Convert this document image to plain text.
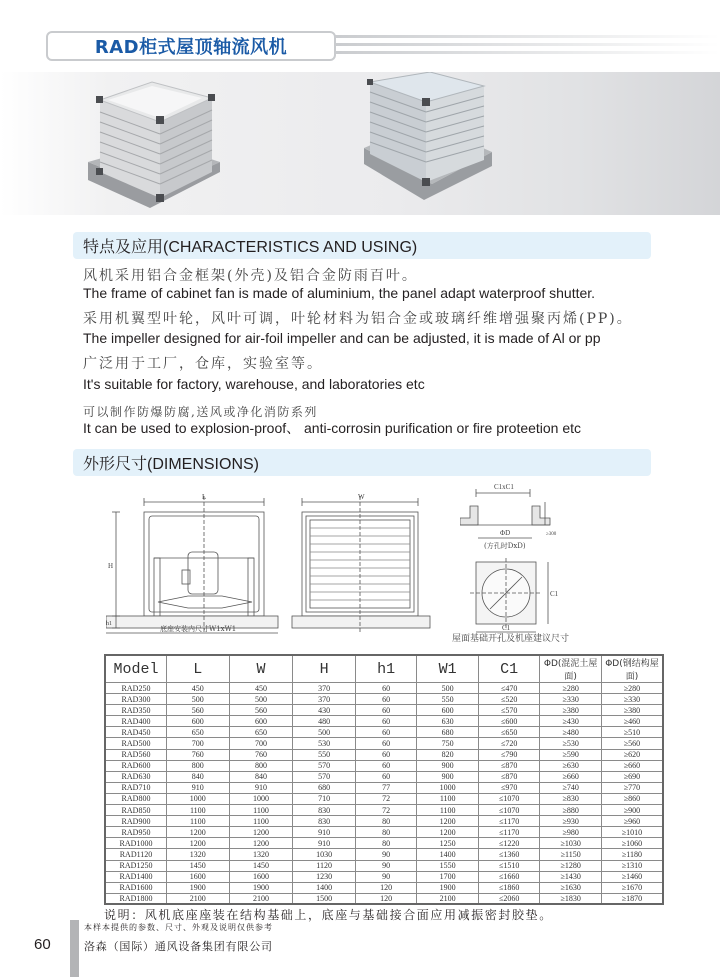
RAD柜式屋顶轴流风机
特点及应用(CHARACTERISTICS AND USING)
风机采用铝合金框架(外壳)及铝合金防雨百叶。
The frame of cabinet fan is made of aluminium, the panel adapt waterproof shutter.
采用机翼型叶轮，风叶可调，叶轮材料为铝合金或玻璃纤维增强聚丙烯(PP)。
The impeller designed for air-foil impeller and can be adjusted, it is made of Al or pp
广泛用于工厂，仓库，实验室等。
It's suitable for factory, warehouse, and laboratories etc
可以制作防爆防腐,送风或净化消防系列
It can be used to explosion-proof、 anti-corrosin purification or fire proteetion etc
外形尺寸(DIMENSIONS)
L
H
h1
底座安装内尺寸W1xW1
W
C1xC1
ΦD
(方孔时DxD)
≥300
C1
C1
屋面基础开孔及机座建议尺寸
Model	L	W	H	h1	W1	C1	ΦD(混泥土屋面)	ΦD(钢结构屋面)
RAD250	450	450	370	60	500	≤470	≥280	≥280
RAD300	500	500	370	60	550	≤520	≥330	≥330
RAD350	560	560	430	60	600	≤570	≥380	≥380
RAD400	600	600	480	60	630	≤600	≥430	≥460
RAD450	650	650	500	60	680	≤650	≥480	≥510
RAD500	700	700	530	60	750	≤720	≥530	≥560
RAD560	760	760	550	60	820	≤790	≥590	≥620
RAD600	800	800	570	60	900	≤870	≥630	≥660
RAD630	840	840	570	60	900	≤870	≥660	≥690
RAD710	910	910	680	77	1000	≤970	≥740	≥770
RAD800	1000	1000	710	72	1100	≤1070	≥830	≥860
RAD850	1100	1100	830	72	1100	≤1070	≥880	≥900
RAD900	1100	1100	830	80	1200	≤1170	≥930	≥960
RAD950	1200	1200	910	80	1200	≤1170	≥980	≥1010
RAD1000	1200	1200	910	80	1250	≤1220	≥1030	≥1060
RAD1120	1320	1320	1030	90	1400	≤1360	≥1150	≥1180
RAD1250	1450	1450	1120	90	1550	≤1510	≥1280	≥1310
RAD1400	1600	1600	1230	90	1700	≤1660	≥1430	≥1460
RAD1600	1900	1900	1400	120	1900	≤1860	≥1630	≥1670
RAD1800	2100	2100	1500	120	2100	≤2060	≥1830	≥1870
说明：风机底座座装在结构基础上，底座与基础接合面应用减振密封胶垫。
60
本样本提供的参数、尺寸、外观及说明仅供参考
洛森（国际）通风设备集团有限公司
